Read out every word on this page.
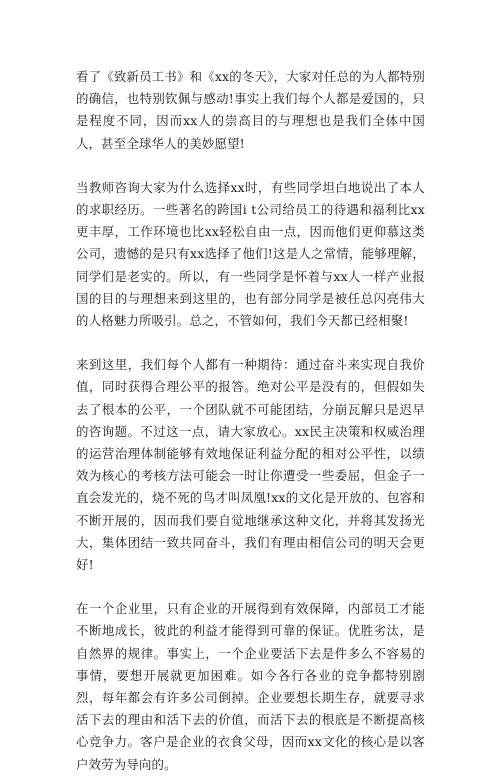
看了《致新员工书》和《xx的冬天》，大家对任总的为人都特别的确信，也特别钦佩与感动!事实上我们每个人都是爱国的，只是程度不同，因而xx人的崇高目的与理想也是我们全体中国人，甚至全球华人的美妙愿望!

当教师咨询大家为什么选择xx时，有些同学坦白地说出了本人的求职经历。一些著名的跨国i t公司给员工的待遇和福利比xx更丰厚，工作环境也比xx轻松自由一点，因而他们更仰慕这类公司，遗憾的是只有xx选择了他们!这是人之常情，能够理解，同学们是老实的。所以，有一些同学是怀着与xx人一样产业报国的目的与理想来到这里的，也有部分同学是被任总闪亮伟大的人格魅力所吸引。总之，不管如何，我们今天都已经相聚!

来到这里，我们每个人都有一种期待：通过奋斗来实现自我价值，同时获得合理公平的报答。绝对公平是没有的，但假如失去了根本的公平，一个团队就不可能团结，分崩瓦解只是迟早的咨询题。不过这一点，请大家放心。xx民主决策和权威治理的运营治理体制能够有效地保证利益分配的相对公平性，以绩效为核心的考核方法可能会一时让你遭受一些委屈，但金子一直会发光的，烧不死的鸟才叫凤凰!xx的文化是开放的、包容和不断开展的，因而我们要自觉地继承这种文化，并将其发扬光大，集体团结一致共同奋斗，我们有理由相信公司的明天会更好!

在一个企业里，只有企业的开展得到有效保障，内部员工才能不断地成长，彼此的利益才能得到可靠的保证。优胜劣汰，是自然界的规律。事实上，一个企业要活下去是件多么不容易的事情，要想开展就更加困难。如今各行各业的竞争都特别剧烈，每年都会有许多公司倒掉。企业要想长期生存，就要寻求活下去的理由和活下去的价值，而活下去的根底是不断提高核心竞争力。客户是企业的衣食父母，因而xx文化的核心是以客户效劳为导向的。
